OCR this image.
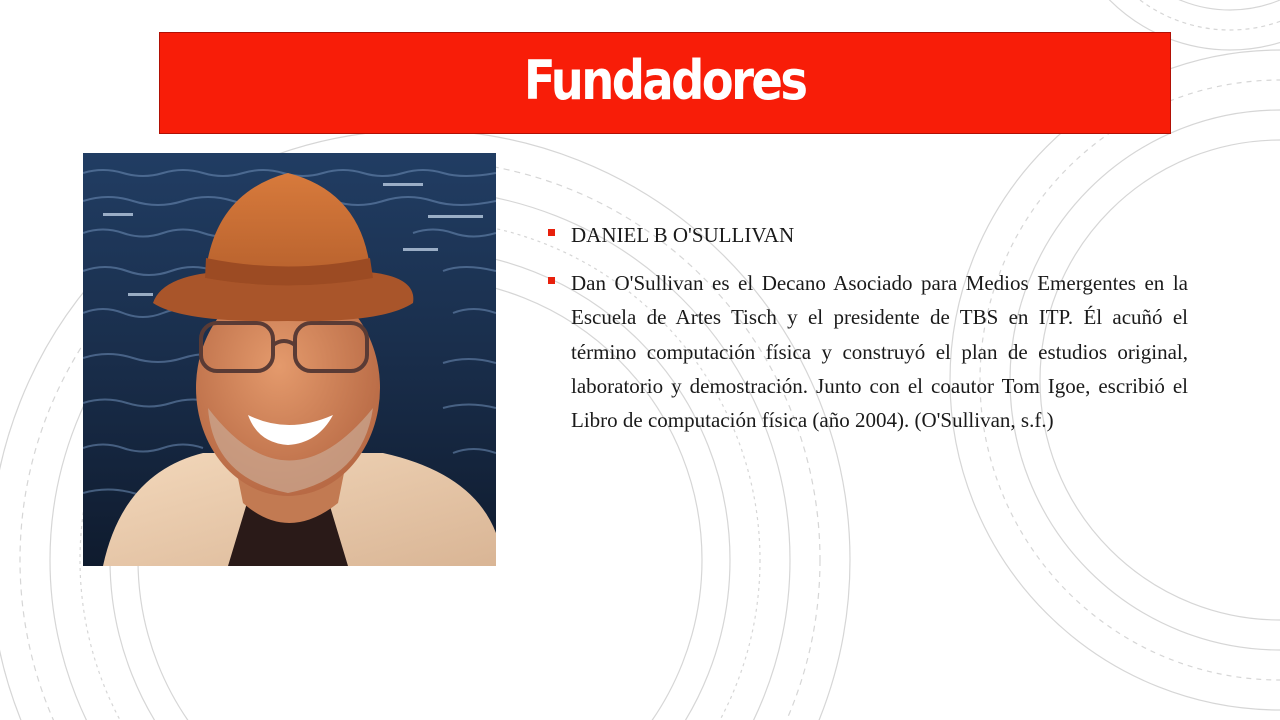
Fundadores
DANIEL B O'SULLIVAN
Dan O'Sullivan es el Decano Asociado para Medios Emergentes en la Escuela de Artes Tisch y el presidente de TBS en ITP. Él acuñó el término computación física y construyó el plan de estudios original, laboratorio y demostración. Junto con el coautor Tom Igoe, escribió el Libro de computación física (año 2004). (O'Sullivan, s.f.)
